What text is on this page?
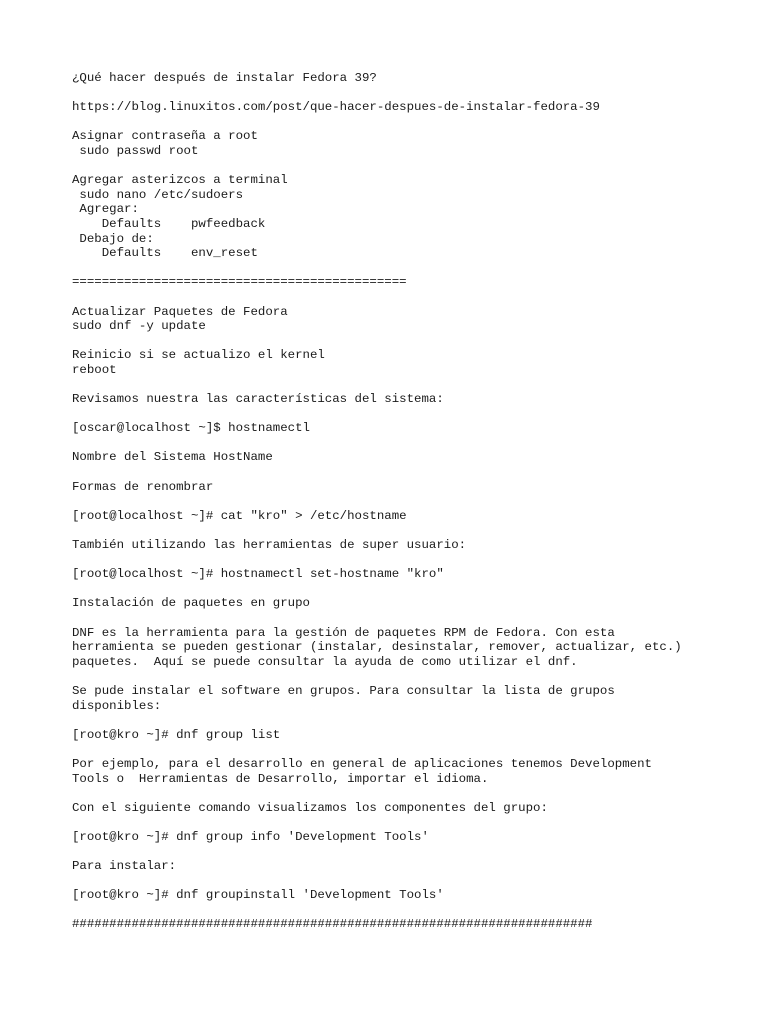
¿Qué hacer después de instalar Fedora 39?
https://blog.linuxitos.com/post/que-hacer-despues-de-instalar-fedora-39
Asignar contraseña a root
sudo passwd root
Agregar asterizcos a terminal
sudo nano /etc/sudoers
Agregar:
Defaults    pwfeedback
Debajo de:
Defaults    env_reset
=============================================
Actualizar Paquetes de Fedora
sudo dnf -y update
Reinicio si se actualizo el kernel
reboot
Revisamos nuestra las características del sistema:
[oscar@localhost ~]$ hostnamectl
Nombre del Sistema HostName
Formas de renombrar
[root@localhost ~]# cat "kro" > /etc/hostname
También utilizando las herramientas de super usuario:
[root@localhost ~]# hostnamectl set-hostname "kro"
Instalación de paquetes en grupo
DNF es la herramienta para la gestión de paquetes RPM de Fedora. Con esta
herramienta se pueden gestionar (instalar, desinstalar, remover, actualizar, etc.)
paquetes.  Aquí se puede consultar la ayuda de como utilizar el dnf.
Se pude instalar el software en grupos. Para consultar la lista de grupos
disponibles:
[root@kro ~]# dnf group list
Por ejemplo, para el desarrollo en general de aplicaciones tenemos Development
Tools o  Herramientas de Desarrollo, importar el idioma.
Con el siguiente comando visualizamos los componentes del grupo:
[root@kro ~]# dnf group info 'Development Tools'
Para instalar:
[root@kro ~]# dnf groupinstall 'Development Tools'
######################################################################
